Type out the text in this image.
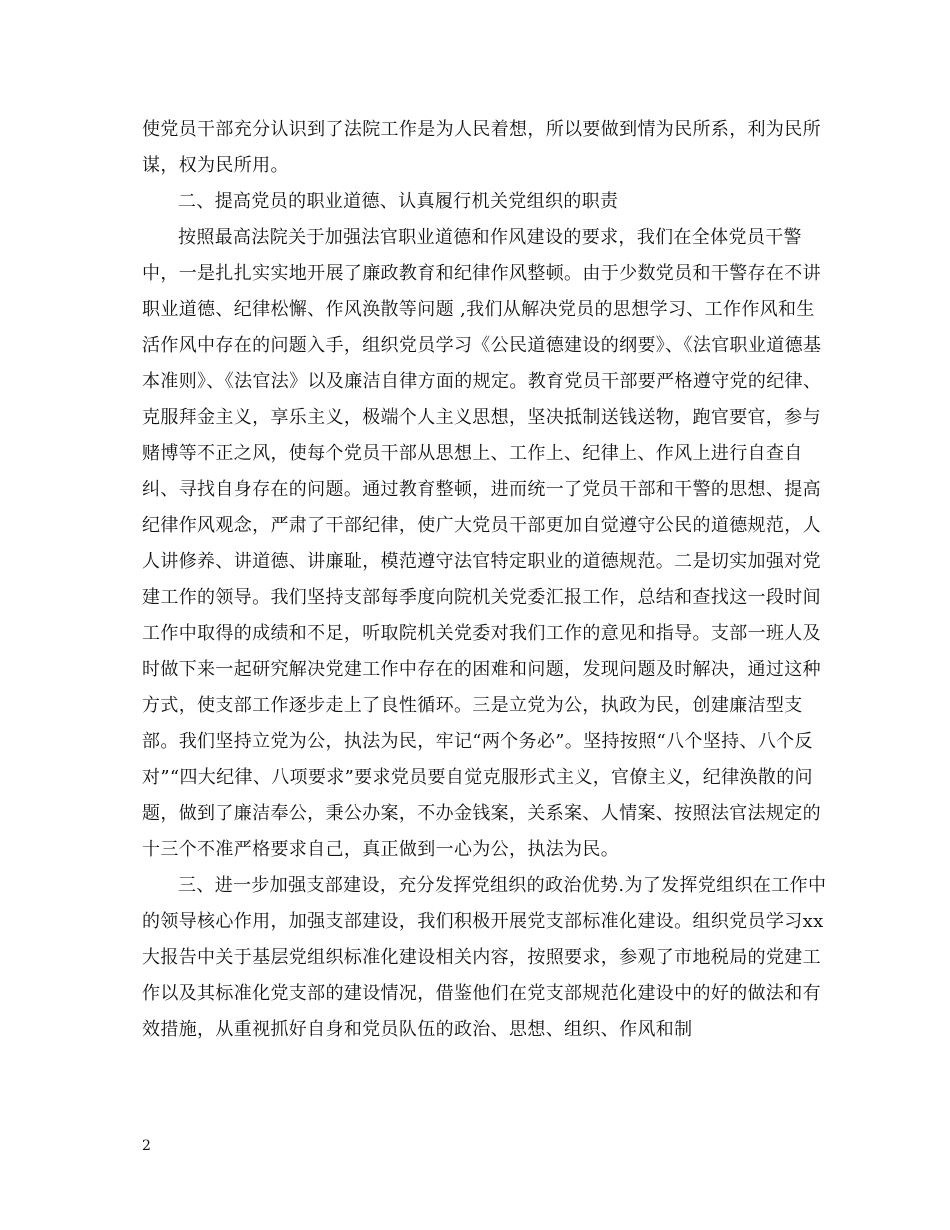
使党员干部充分认识到了法院工作是为人民着想，所以要做到情为民所系，利为民所谋，权为民所用。

二、提高党员的职业道德、认真履行机关党组织的职责

按照最高法院关于加强法官职业道德和作风建设的要求，我们在全体党员干警中，一是扎扎实实地开展了廉政教育和纪律作风整顿。由于少数党员和干警存在不讲职业道德、纪律松懈、作风涣散等问题 ,我们从解决党员的思想学习、工作作风和生活作风中存在的问题入手，组织党员学习《公民道德建设的纲要》、《法官职业道德基本准则》、《法官法》以及廉洁自律方面的规定。教育党员干部要严格遵守党的纪律、克服拜金主义，享乐主义，极端个人主义思想，坚决抵制送钱送物，跑官要官，参与赌博等不正之风，使每个党员干部从思想上、工作上、纪律上、作风上进行自查自纠、寻找自身存在的问题。通过教育整顿，进而统一了党员干部和干警的思想、提高纪律作风观念，严肃了干部纪律，使广大党员干部更加自觉遵守公民的道德规范，人人讲修养、讲道德、讲廉耻，模范遵守法官特定职业的道德规范。二是切实加强对党建工作的领导。我们坚持支部每季度向院机关党委汇报工作，总结和查找这一段时间工作中取得的成绩和不足，听取院机关党委对我们工作的意见和指导。支部一班人及时做下来一起研究解决党建工作中存在的困难和问题，发现问题及时解决，通过这种方式，使支部工作逐步走上了良性循环。三是立党为公，执政为民，创建廉洁型支部。我们坚持立党为公，执法为民，牢记“两个务必”。坚持按照“八个坚持、八个反对”“四大纪律、八项要求”要求党员要自觉克服形式主义，官僚主义，纪律涣散的问题，做到了廉洁奉公，秉公办案，不办金钱案，关系案、人情案、按照法官法规定的十三个不准严格要求自己，真正做到一心为公，执法为民。

三、进一步加强支部建设，充分发挥党组织的政治优势.为了发挥党组织在工作中的领导核心作用，加强支部建设，我们积极开展党支部标准化建设。组织党员学习xx大报告中关于基层党组织标准化建设相关内容，按照要求，参观了市地税局的党建工作以及其标准化党支部的建设情况，借鉴他们在党支部规范化建设中的好的做法和有效措施，从重视抓好自身和党员队伍的政治、思想、组织、作风和制

2
